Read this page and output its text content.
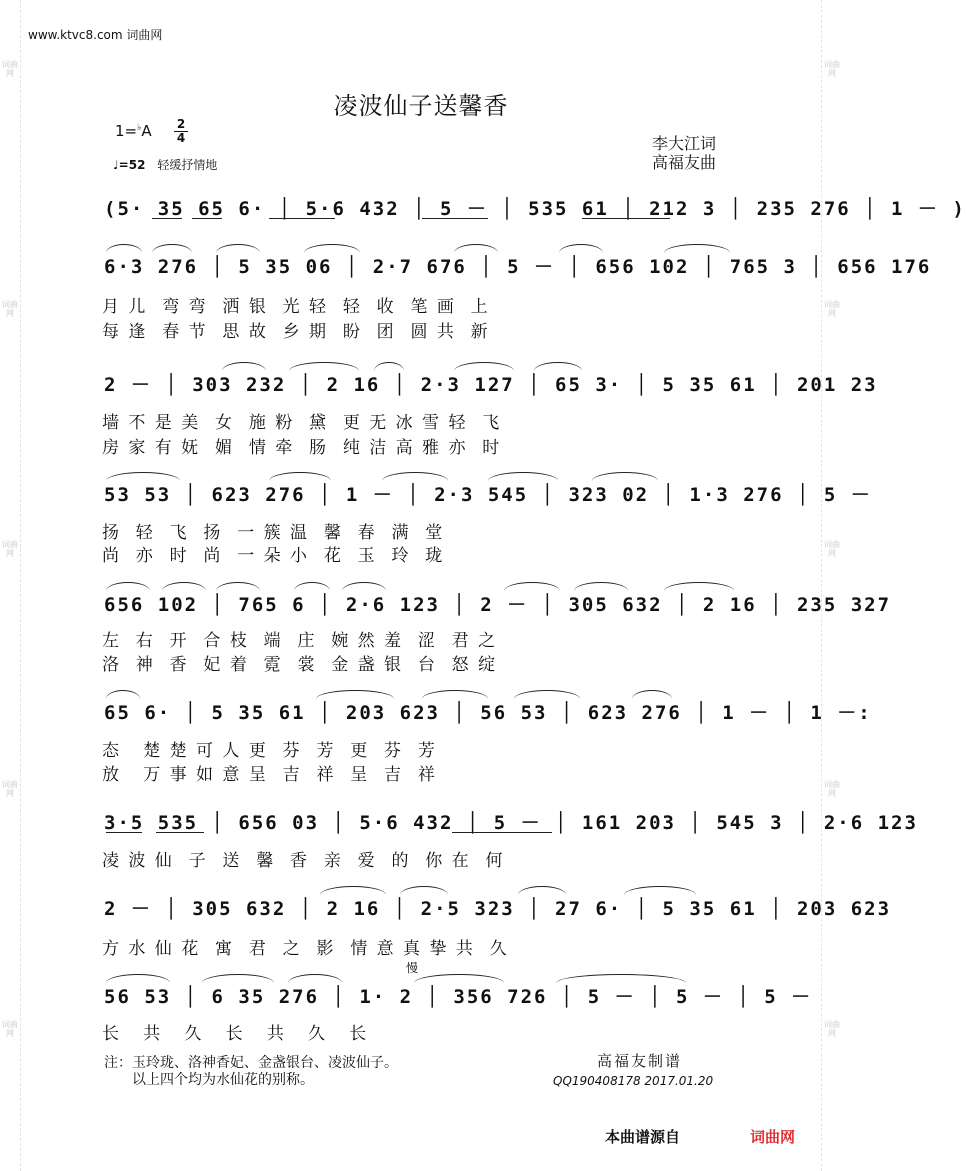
词曲网
词曲网
词曲网
词曲网
词曲网
词曲网
词曲网
词曲网
词曲网
词曲网
www.ktvc8.com 词曲网
凌波仙子送馨香
1=♭A 2
4
♩=52 轻缓抒情地
李大江词
高福友曲
(5· 35 65 6· │ 5·6 432 │ 5 － │ 535 61 │ 212 3 │ 235 276 │ 1 － )
6·3 276 │ 5 35 06 │ 2·7 676 │ 5 － │ 656 102 │ 765 3 │ 656 176
月 儿  弯 弯  洒 银  光 轻  轻  收  笔 画  上
每 逢  春 节  思 故  乡 期  盼  团  圆 共  新
2 － │ 303 232 │ 2 16 │ 2·3 127 │ 65 3· │ 5 35 61 │ 201 23
墙 不 是 美  女  施 粉  黛  更 无 冰 雪 轻  飞
房 家 有 妩  媚  情 牵  肠  纯 洁 高 雅 亦  时
53 53 │ 623 276 │ 1 － │ 2·3 545 │ 323 02 │ 1·3 276 │ 5 －
扬  轻  飞  扬  一 簇 温  馨  春  满  堂
尚  亦  时  尚  一 朵 小  花  玉  玲  珑
656 102 │ 765 6 │ 2·6 123 │ 2 － │ 305 632 │ 2 16 │ 235 327
左  右  开  合 枝  端  庄  婉 然 羞  涩  君 之
洛  神  香  妃 着  霓  裳  金 盏 银  台  怒 绽
65 6· │ 5 35 61 │ 203 623 │ 56 53 │ 623 276 │ 1 － │ 1 －:
态   楚 楚 可 人 更  芬  芳  更  芬  芳
放   万 事 如 意 呈  吉  祥  呈  吉  祥
3·5 535 │ 656 03 │ 5·6 432 │ 5 － │ 161 203 │ 545 3 │ 2·6 123
凌 波 仙  子  送  馨  香  亲  爱  的  你 在  何
2 － │ 305 632 │ 2 16 │ 2·5 323 │ 27 6· │ 5 35 61 │ 203 623
方 水 仙 花  寓  君  之  影  情 意 真 挚 共  久
慢
56 53 │ 6 35 276 │ 1· 2 │ 356 726 │ 5 － │ 5 － │ 5 －
长   共   久   长   共   久   长
注：玉玲珑、洛神香妃、金盏银台、凌波仙子。
以上四个均为水仙花的别称。
高福友制谱
QQ190408178 2017.01.20
本曲谱源自	词曲网
